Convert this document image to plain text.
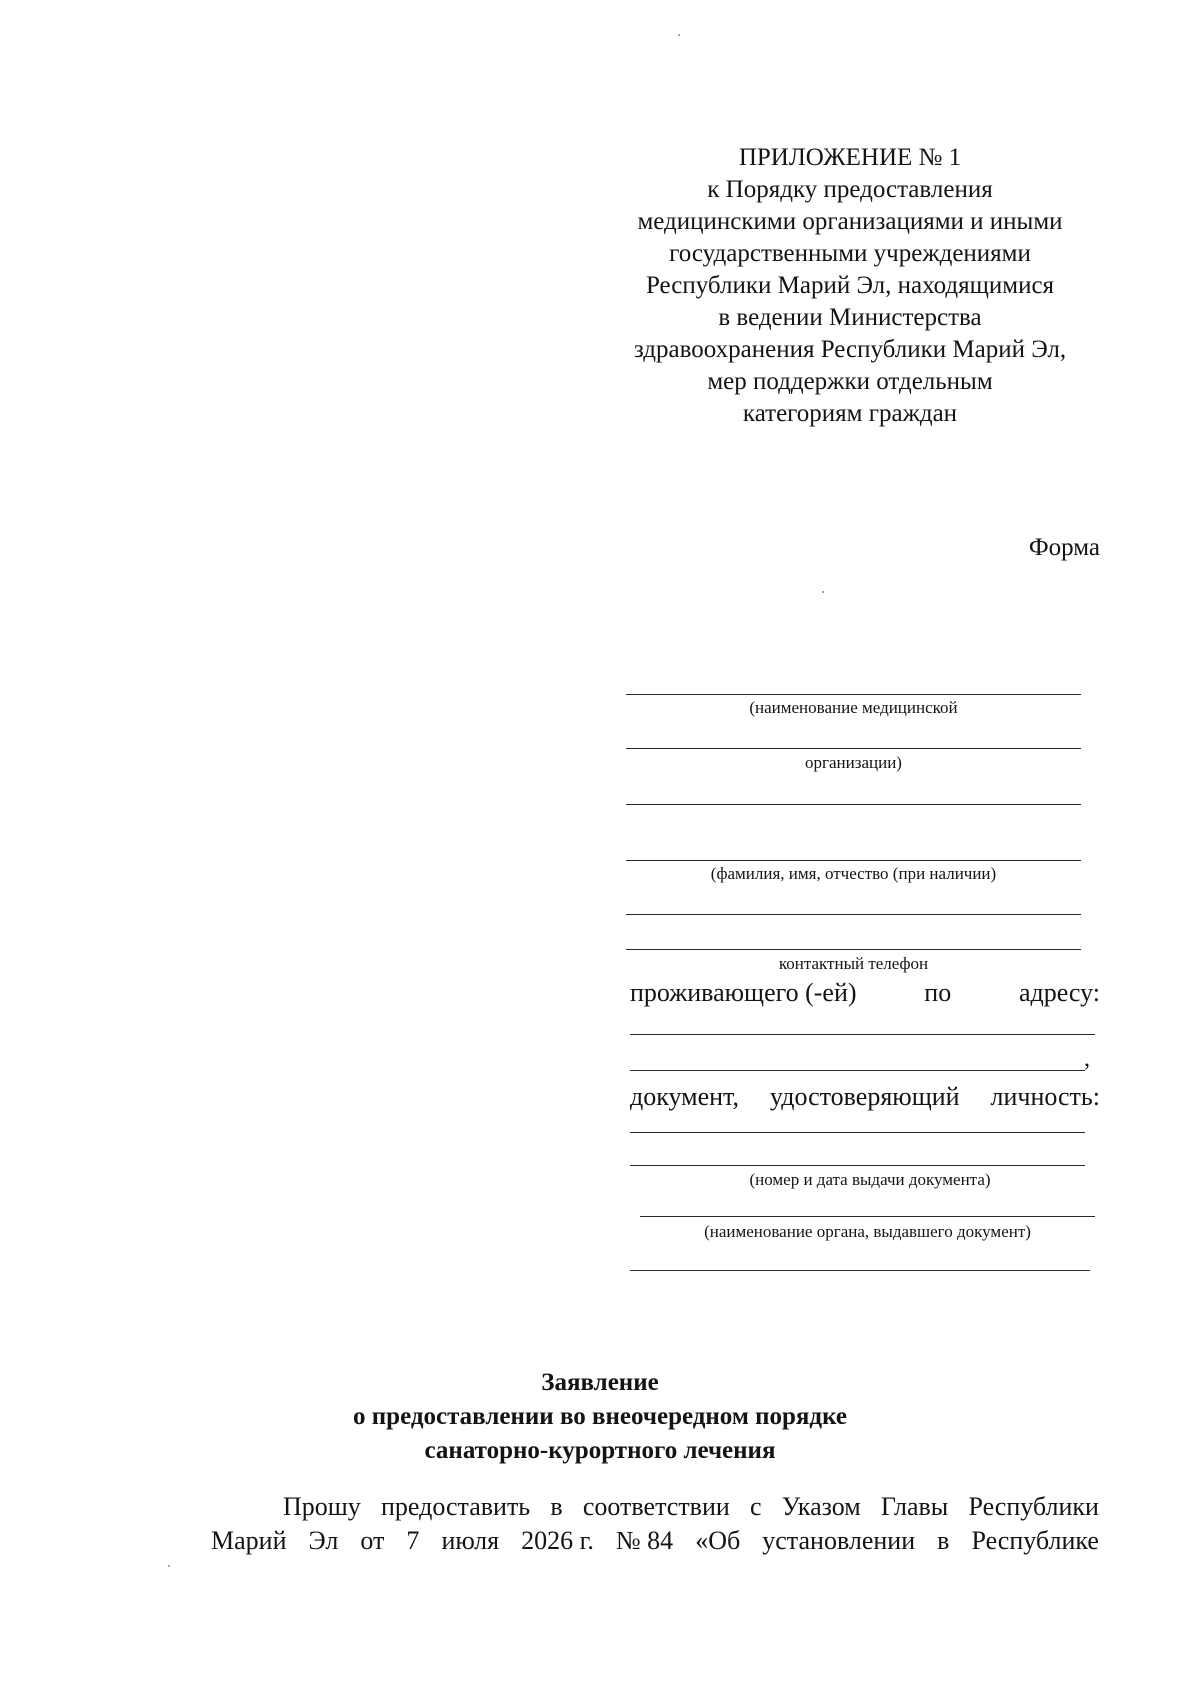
ПРИЛОЖЕНИЕ № 1
к Порядку предоставления
медицинскими организациями и иными
государственными учреждениями
Республики Марий Эл, находящимися
в ведении Министерства
здравоохранения Республики Марий Эл,
мер поддержки отдельным
категориям граждан
Форма
(наименование медицинской
организации)
(фамилия, имя, отчество (при наличии)
контактный телефон
проживающего (-ей)	по	адресу:
,
документ, удостоверяющий личность:
(номер и дата выдачи документа)
(наименование органа, выдавшего документ)
Заявление
о предоставлении во внеочередном порядке
санаторно-курортного лечения
Прошу предоставить в соответствии с Указом Главы Республики
Марий Эл от 7 июля 2026 г. № 84 «Об установлении в Республике
